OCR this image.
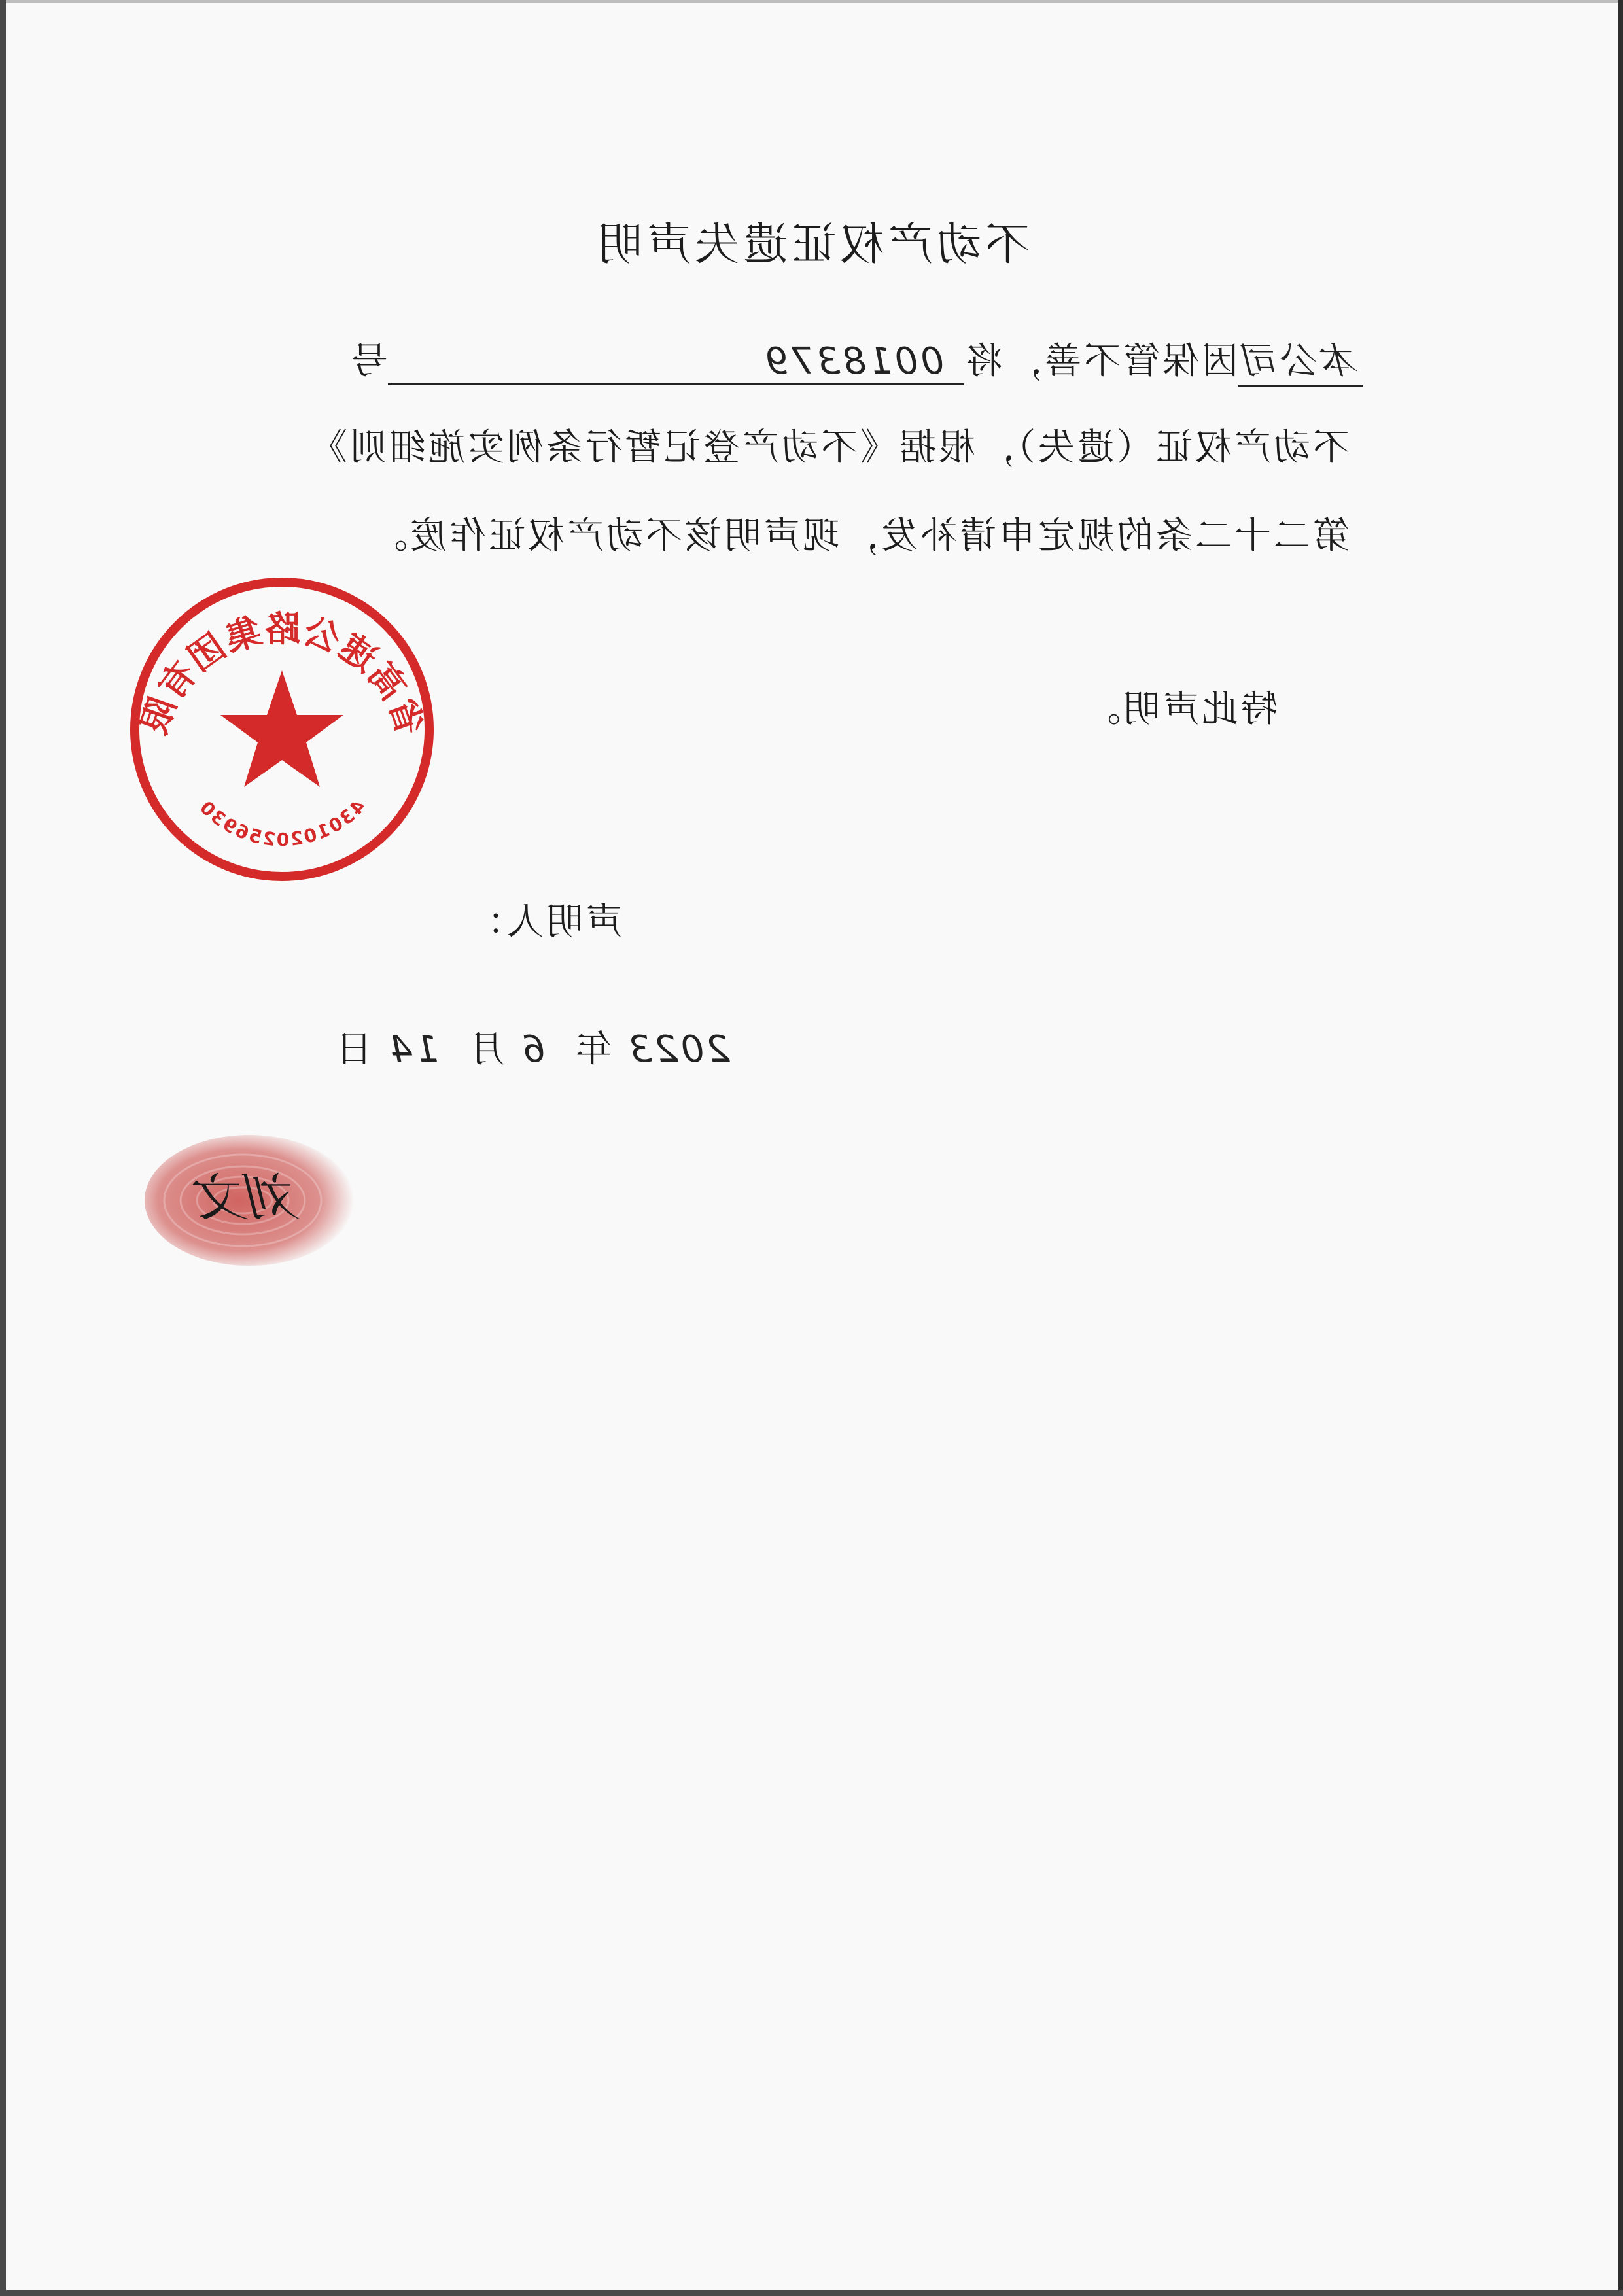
不动产权证遗失声明
本公司因保管不善，将0018379号
不动产权证（遗失），根据《不动产登记暂行条例实施细则》
第二十二条的规定申请补发，现声明该不动产权证作废。
特此声明。
声明人：
2023 年 6 月 14 日
省高速公路集团有限
4301020256930
刘文
